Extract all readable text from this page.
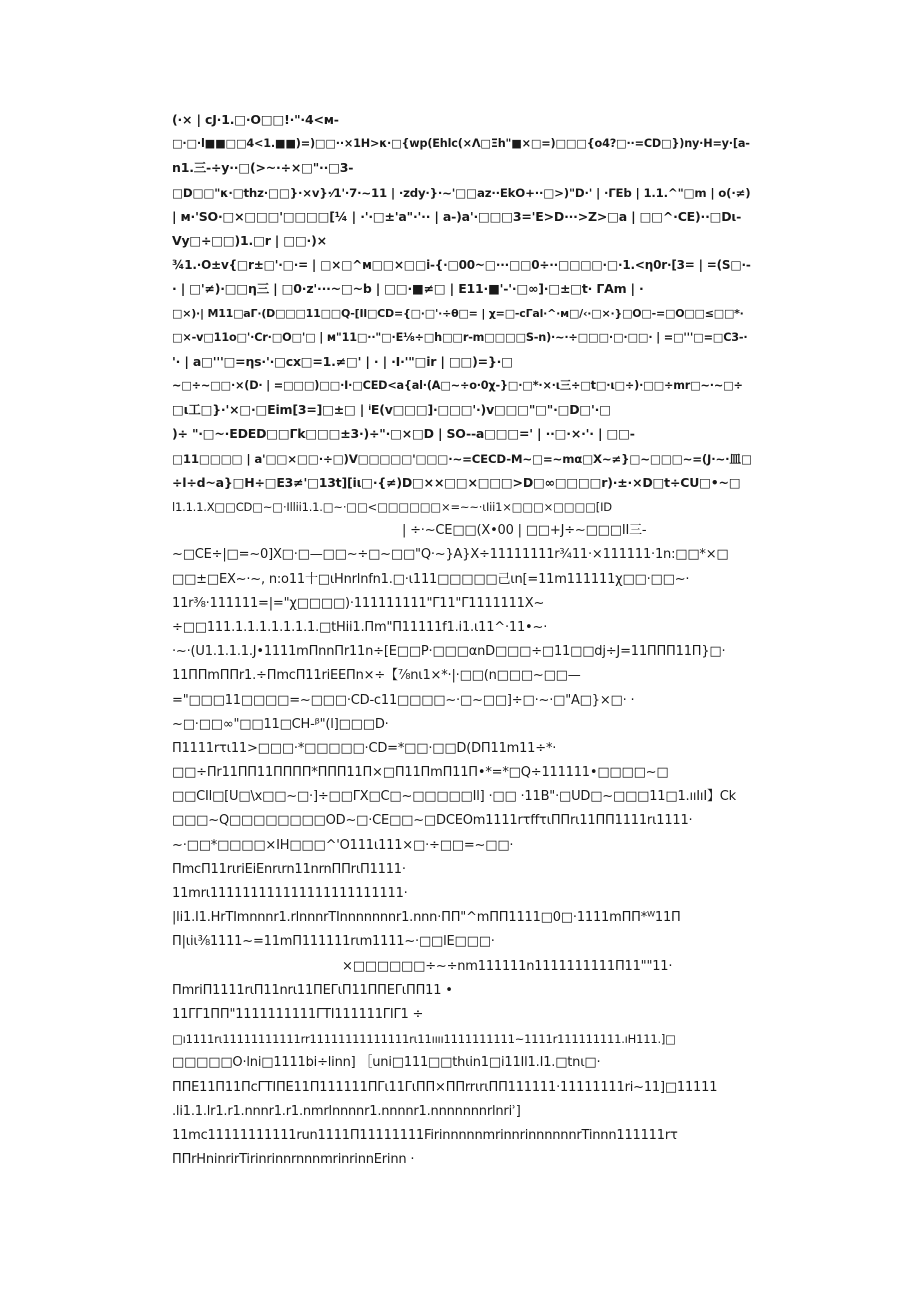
(·× | cJ·1.□·O□□!·"·4<м-
□·□·l■■□□4<1.■■)=)□□··×1H>κ·□{wp(Ehlc(×Λ□Ξh"■×□=)□□□{o4?□··=CD□})ny·H=y·[a-
n1.三-÷y··□(>~·÷×□"··□3-
□D□□"κ·□thz·□□}·×v}·⁄1'·7·~11 | ·zdy·}·~'□□az··EkO+··□>)"D·' | ·ΓEb | 1.1.^"□m | o(·≠)
| м·'SO·□×□□□'□□□□[¼ | ·'·□±'a"·'·· | a-)a'·□□□3='E>D···>Z>□a | □□^·CE)··□Dι-
Vy□÷□□)1.□r | □□·)×
¾1.·O±v{□r±□'·□·= | □×□^м□□×□□i-{·□00~□···□□0÷··□□□□·□·1.<η0r·[3= | =(S□·-
· | □'≠)·□□η三 | □0·z'···~□~b | □□·■≠□ | E11·■'-'·□∞]·□±□t· ΓAm | ·
□×)·| M11□aΓ·(D□□□11□□Q-[Il□CD={□·□'·÷θ□= | χ=□-cΓal·^·м□/‹·□×·}□O□-=□O□□≤□□*·
□×-v□11o□'·Cr·□O□'□ | м"11□··"□·E⅛÷□h□□r-m□□□□S-n)·~·÷□□□·□·□□· | =□'''□=□C3-·
'· | a□'''□=ηs·'·□cx□=1.≠□' | · | ·I·'"□ir | □□)=}·□
~□÷~□□·×(D· | =□□□)□□·I·□CED<a{al·(A□~÷o·0χ-}□·□*·×·ι三÷□t□·ι□÷)·□□÷mr□~·~□÷
□ι工□}·'×□·□Eim[3=]□±□ | ⁱE(v□□□]·□□□'·)v□□□"□"·□D□'·□
)÷ "·□~·EDED□□Γk□□□±3·)÷"·□×□D | SO--a□□□=' | ··□·×·'· | □□-
□11□□□□ | a'□□×□□·÷□)V□□□□□'□□□·~=CECD-M~□=~mα□X~≠}□~□□□~=(J·~·皿□
÷l÷d~a}□H÷□E3≠'□13t][iι□·{≠)D□××□□×□□□>D□∞□□□□r)·±·×D□t÷CU□•~□
l1.1.1.X□□CD□~□·Illii1.1.□~·□□<□□□□□□×=~~·ιIii1×□□□×□□□□[ID
| ÷·~CE□□(X•00 | □□+J÷~□□□II三-
~□CE÷|□=~0]X□·□—□□~÷□~□□"Q·~}A}X÷11111111r¾11·×111111·1n:□□*×□
□□±□EX~·~, n:o11十□ιHnrlnfn1.□·ι111□□□□□己ιn[=11m111111χ□□·□□~·
11r⅜·111111=|="χ□□□□)·111111111"Γ11"Γ1111111X~
÷□□111.1.1.1.1.1.1.1.□tHii1.Πm"Π11111f1.i1.ι11^·11•~·
·~·(U1.1.1.1.J•1111mΠnnΠr11n÷[E□□P·□□□αnD□□□÷□11□□dj÷J=11ΠΠΠ11Π}□·
11ΠΠmΠΠr1.÷ΠmcΠ11riEEΠn×÷【⅞nι1×*·|·□□(n□□□~□□—
="□□□11□□□□=~□□□·CD-c11□□□□~·□~□□]÷□·~·□"A□}×□· ·
~□·□□∞"□□11□CH-ᵝ"(l]□□□D·
Π1111rτι11>□□□·*□□□□□·CD=*□□·□□D(DΠ11m11÷*·
□□÷Πr11ΠΠ11ΠΠΠΠ*ΠΠΠ11Π×□Π11ΠmΠ11Π•*=*□Q÷111111•□□□□~□
□□CIl□[U□\x□□~□·]÷□□ΓX□C□~□□□□□Il] ·□□ ·11B"·□UD□~□□□11□1.ııIıI】Ck
□□□~Q□□□□□□□□OD~□·CE□□~□DCEOm1111rτffτιΠΠrι11ΠΠ1111rι1111·
~·□□*□□□□×IH□□□^'O111ι111×□·÷□□=~□□·
ΠmcΠ11rιriEiEnrιrn11nrnΠΠrιΠ1111·
11mrι111111111111111111111111·
|li1.I1.HrTImnnnr1.rlnnnrTInnnnnnnr1.nnn·ΠΠ"^mΠΠ1111□0□·1111mΠΠ*ᵂ11Π
Π|ιiι⅜1111~=11mΠ111111rιm1111~·□□lE□□□·
×□□□□□□÷~÷nm111111n1111111111Π11""11·
ΠmriΠ1111rιΠ11nrι11ΠEΓιΠ11ΠΠEΓιΠΠ11 •
11ΓΓ1ΠΠ"1111111111ΓΤI111111ΓIΓ1 ÷
□ı1111rι11111111111rr11111111111111rι11ıııı1111111111~1111r111111111.ıH111.]□
□□□□□O·lni□1111bi÷linn] ［uni□111□□thιin1□i11Il1.I1.□tnι□·
ΠΠE11Π11ΠcΓΤIΠE11Π111111ΠΓι11ΓιΠΠ×ΠΠrrιrιΠΠ111111·11111111ri~11]□11111
.li1.1.lr1.r1.nnnr1.r1.nmrlnnnnr1.nnnnr1.nnnnnnnrlnriʾ]
11mc11111111111run1111Π11111111FirinnnnnmrinnrinnnnnnrTinnn111111rτ
ΠΠrHninrirTirinrinnrnnnmrinrinnErinn ·
